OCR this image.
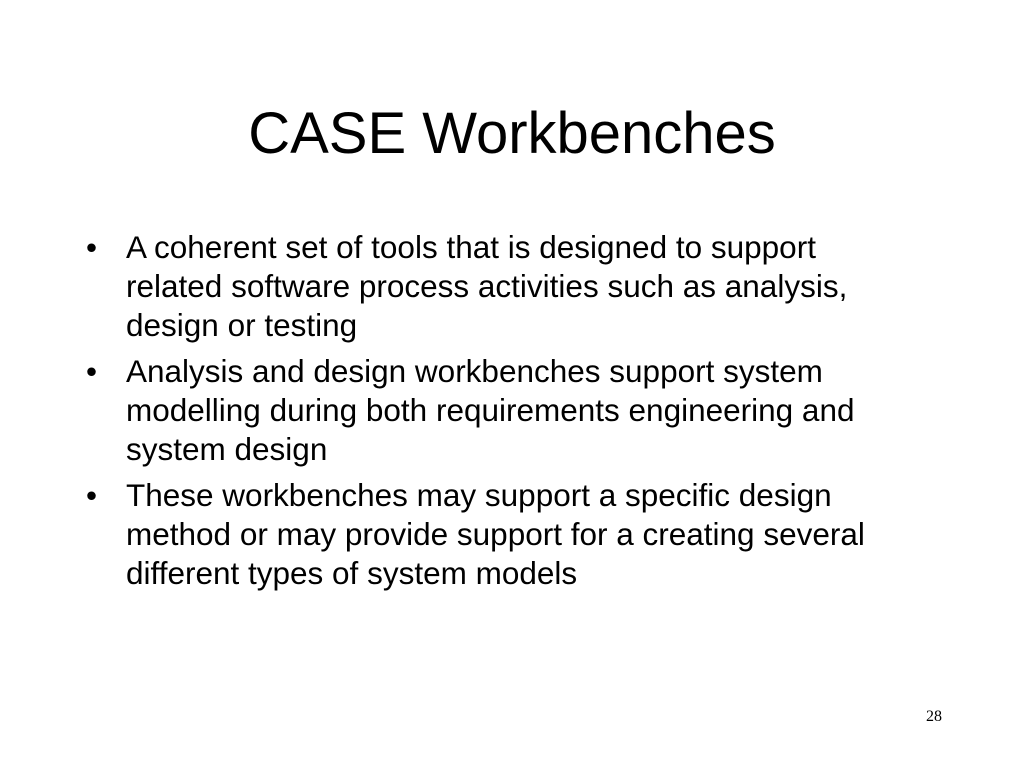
CASE Workbenches
• A coherent set of tools that is designed to support related software process activities such as analysis, design or testing
• Analysis and design workbenches support system modelling during both requirements engineering and system design
• These workbenches may support a specific design method or may provide support for a creating several different types of system models
28
